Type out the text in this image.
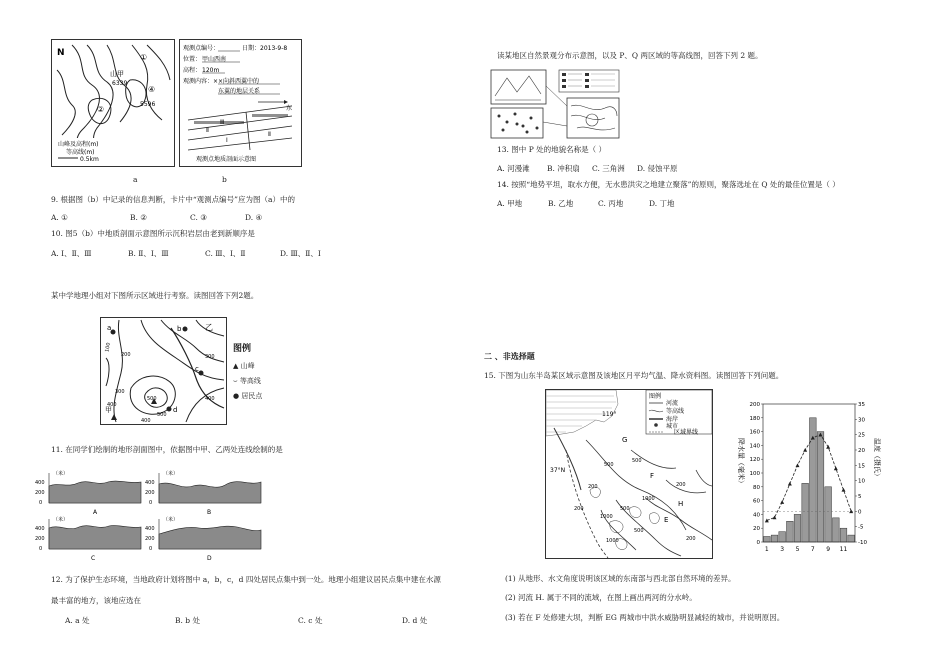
N	①
②
④
山甲
6339
5596
山峰及高程(m)
等高线(m)
0.5km
a
观测点编号：	日期：2013-9-8
位置： 甲山西南
高程： 120m
观测内容：××向斜西翼中的
东翼的地层关系
东
Ⅲ
Ⅱ
Ⅰ
Ⅱ
观测点地质剖面示意图
b
9. 根据图（b）中记录的信息判断，卡片中“观测点编号”应为图（a）中的
A. ①	B. ②	C. ③	D. ④
10. 图5（b）中地质剖面示意图所示沉积岩层由老到新顺序是
A. Ⅰ、Ⅱ、Ⅲ	B. Ⅱ、Ⅰ、Ⅲ	C. Ⅲ、Ⅰ、Ⅱ	D. Ⅲ、Ⅱ、Ⅰ
某中学地理小组对下图所示区域进行考察。读图回答下列2题。
a	b
c
d
甲
乙
100
200
300
400
500
400
500
300
400
图例
▲ 山峰
⌣ 等高线
● 居民点
11. 在同学们绘制的地形剖面图中，依据图中甲、乙两处连线绘制的是
（米）
400
200
0
A
（米）
400
200
0
B
（米）
400
200
0
C
（米）
400
200
0
D
12. 为了保护生态环境，当地政府计划将图中 a，b，c，d 四处居民点集中到一处。地理小组建议居民点集中建在水源
最丰富的地方，该地应选在
A. a 处	B. b 处	C. c 处	D. d 处
读某地区自然景观分布示意图，以及 P、Q 两区域的等高线图，回答下列 2 题。
13. 图中 P 处的地貌名称是（ ）
A. 河漫滩 B. 冲积扇 C. 三角洲 D. 侵蚀平原
14. 按照“地势平坦，取水方便，无水患洪灾之地建立聚落”的原则，聚落选址在 Q 处的最佳位置是（ ）
A. 甲地	B. 乙地	C. 丙地	D. 丁地
二 、非选择题
15. 下图为山东半岛某区域示意图及该地区月平均气温、降水资料图。读图回答下列问题。
119°
37°N
G
F
E
H
500
500
200
1000
500
200
1000
1000
500
200
200
图例
河流
等高线
海岸
城市
区域界线
200
180
160
140
120
100
80
60
40
20
0
35
30
25
20
15
10
5
0
-5
-10
1 3 5 7 9 11
降水量（毫米）	温度（摄氏）
(1) 从地形、水文角度说明该区域的东南部与西北部自然环境的差异。
(2) 河流 H. 属于不同的流域，在图上画出两河的分水岭。
(3) 若在 F 处修建大坝，判断 EG 两城市中洪水威胁明显减轻的城市，并说明原因。
